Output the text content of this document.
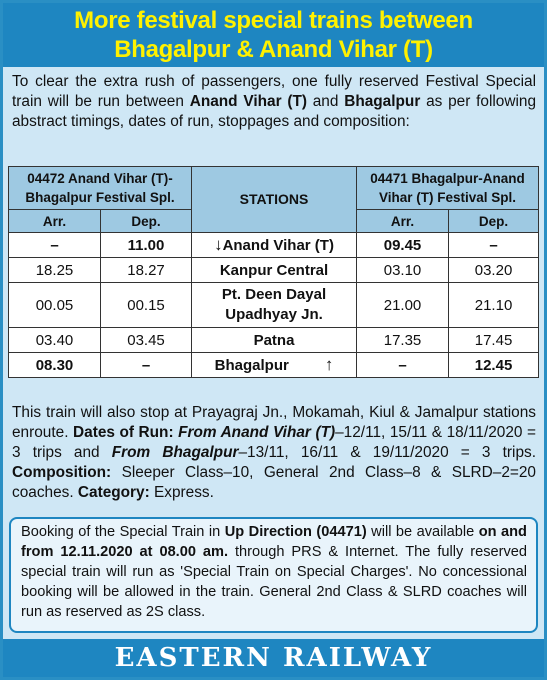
More festival special trains between
Bhagalpur & Anand Vihar (T)
To clear the extra rush of passengers, one fully reserved Festival Special train will be run between Anand Vihar (T) and Bhagalpur as per following abstract timings, dates of run, stoppages and composition:
04472 Anand Vihar (T)-Bhagalpur Festival Spl.		STATIONS	04471 Bhagalpur-Anand Vihar (T) Festival Spl.	
Arr.	Dep.		Arr.	Dep.
–	11.00	↓Anand Vihar (T)	09.45	–
18.25	18.27	Kanpur Central	03.10	03.20
00.05	00.15	Pt. Deen Dayal Upadhyay Jn.	21.00	21.10
03.40	03.45	Patna	17.35	17.45
08.30	–	Bhagalpur ↑	–	12.45
This train will also stop at Prayagraj Jn., Mokamah, Kiul & Jamalpur stations enroute. Dates of Run: From Anand Vihar (T)–12/11, 15/11 & 18/11/2020 = 3 trips and From Bhagalpur–13/11, 16/11 & 19/11/2020 = 3 trips. Composition: Sleeper Class–10, General 2nd Class–8 & SLRD–2=20 coaches. Category: Express.
Booking of the Special Train in Up Direction (04471) will be available on and from 12.11.2020 at 08.00 am. through PRS & Internet. The fully reserved special train will run as 'Special Train on Special Charges'. No concessional booking will be allowed in the train. General 2nd Class & SLRD coaches will run as reserved as 2S class.
EASTERN RAILWAY
